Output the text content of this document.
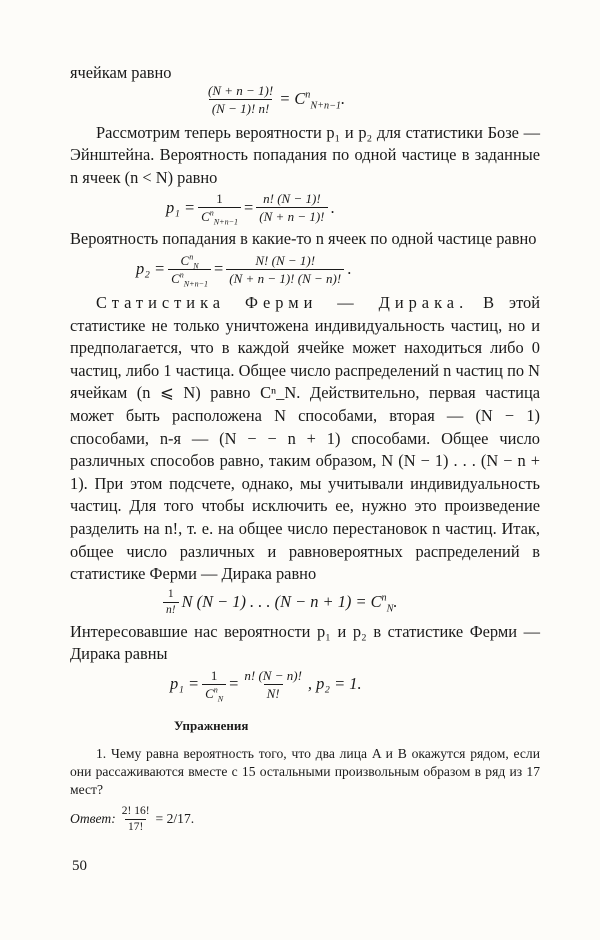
ячейкам равно

$\frac{(N + n - 1)!}{(N - 1)! n!} = C^n_{N+n-1}$.

Рассмотрим теперь вероятности p₁ и p₂ для статистики Бозе — Эйнштейна. Вероятность попадания по одной частице в заданные n ячеек (n < N) равно

$p_1 = \frac{1}{C^n_{N+n-1}} = \frac{n! (N - 1)!}{(N + n - 1)!}$ .

Вероятность попадания в какие-то n ячеек по одной частице равно

$p_2 = \frac{C^n_N}{C^n_{N+n-1}} = \frac{N! (N - 1)!}{(N + n - 1)! (N - n)!}$ .

Статистика Ферми — Дирака. В этой статистике не только уничтожена индивидуальность частиц, но и предполагается, что в каждой ячейке может находиться либо 0 частиц, либо 1 частица. Общее число распределений n частиц по N ячейкам (n ⩽ N) равно Cⁿ_N. Действительно, первая частица может быть расположена N способами, вторая — (N − 1) способами, n-я — (N − − n + 1) способами. Общее число различных способов равно, таким образом, N (N − 1) . . . (N − n + 1). При этом подсчете, однако, мы учитывали индивидуальность частиц. Для того чтобы исключить ее, нужно это произведение разделить на n!, т. е. на общее число перестановок n частиц. Итак, общее число различных и равновероятных распределений в статистике Ферми — Дирака равно

$\frac{1}{n!}$ N (N − 1) . . . (N − n + 1) = C $^n_N$.

Интересовавшие нас вероятности p₁ и p₂ в статистике Ферми — Дирака равны

$p_1 = \frac{1}{C^n_N} = \frac{n! (N - n)!}{N!}$ , p₂ = 1.

Упражнения

1. Чему равна вероятность того, что два лица A и B окажутся рядом, если они рассаживаются вместе с 15 остальными произвольным образом в ряд из 17 мест?

Ответ: $\frac{2! 16!}{17!} = 2/17$.
50
